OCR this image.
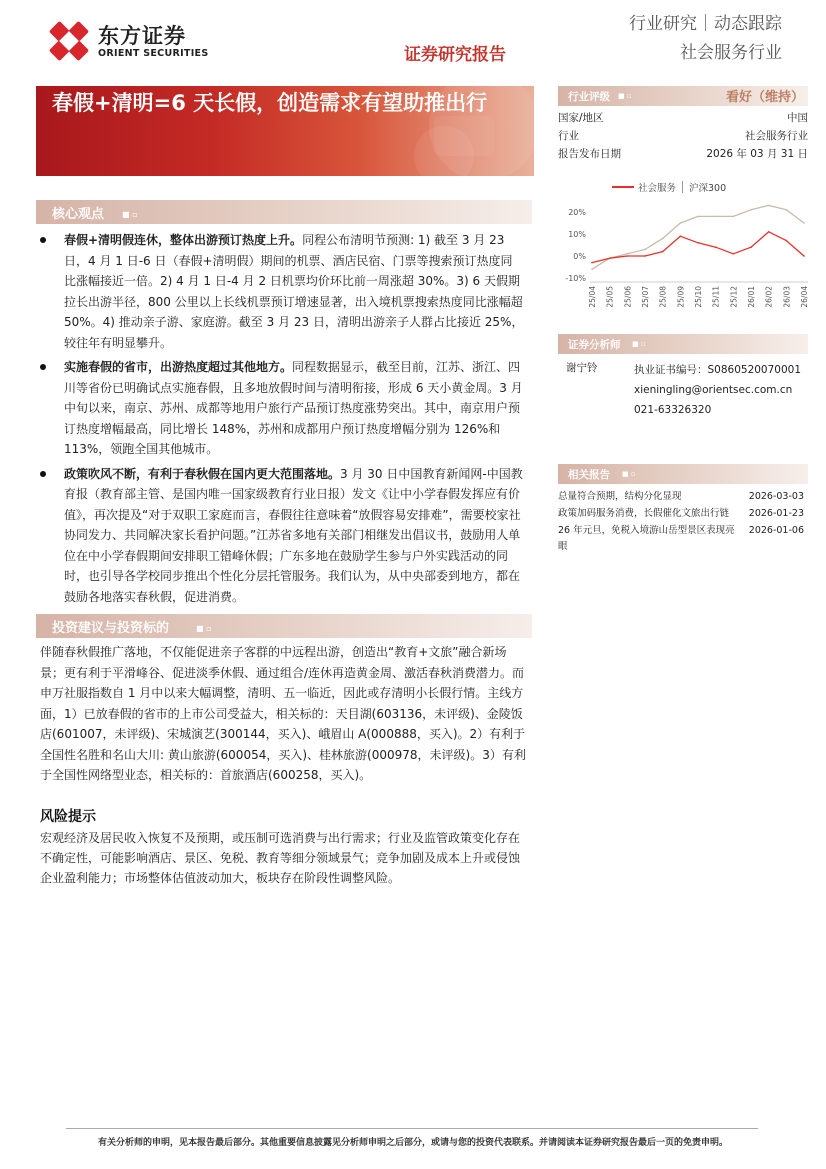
东方证券
ORIENT SECURITIES	证券研究报告
行业研究｜动态跟踪
社会服务行业
春假+清明=6 天长假，创造需求有望助推出行
核心观点 ■ ▫
春假+清明假连休，整体出游预订热度上升。同程公布清明节预测: 1) 截至 3 月 23 日，4 月 1 日-6 日（春假+清明假）期间的机票、酒店民宿、门票等搜索预订热度同比涨幅接近一倍。2) 4 月 1 日-4 月 2 日机票均价环比前一周涨超 30%。3) 6 天假期拉长出游半径，800 公里以上长线机票预订增速显著，出入境机票搜索热度同比涨幅超 50%。4) 推动亲子游、家庭游。截至 3 月 23 日，清明出游亲子人群占比接近 25%，较往年有明显攀升。
实施春假的省市，出游热度超过其他地方。同程数据显示，截至目前，江苏、浙江、四川等省份已明确试点实施春假，且多地放假时间与清明衔接，形成 6 天小黄金周。3 月中旬以来，南京、苏州、成都等地用户旅行产品预订热度涨势突出。其中，南京用户预订热度增幅最高，同比增长 148%，苏州和成都用户预订热度增幅分别为 126%和 113%，领跑全国其他城市。
政策吹风不断，有利于春秋假在国内更大范围落地。3 月 30 日中国教育新闻网-中国教育报（教育部主管、是国内唯一国家级教育行业日报）发文《让中小学春假发挥应有价值》，再次提及“对于双职工家庭而言，春假往往意味着“放假容易安排难”，需要校家社协同发力、共同解决家长看护问题。”江苏省多地有关部门相继发出倡议书，鼓励用人单位在中小学春假期间安排职工错峰休假；广东多地在鼓励学生参与户外实践活动的同时，也引导各学校同步推出个性化分层托管服务。我们认为，从中央部委到地方，都在鼓励各地落实春秋假，促进消费。
投资建议与投资标的	■ ▫
伴随春秋假推广落地，不仅能促进亲子客群的中远程出游，创造出“教育+文旅”融合新场景；更有利于平滑峰谷、促进淡季休假、通过组合/连休再造黄金周、激活春秋消费潜力。而申万社服指数自 1 月中以来大幅调整，清明、五一临近，因此或存清明小长假行情。主线方面，1）已放春假的省市的上市公司受益大，相关标的：天目湖(603136，未评级)、金陵饭店(601007，未评级)、宋城演艺(300144，买入)、峨眉山 A(000888，买入)。2）有利于全国性名胜和名山大川: 黄山旅游(600054，买入)、桂林旅游(000978，未评级)。3）有利于全国性网络型业态，相关标的：首旅酒店(600258，买入)。
风险提示
宏观经济及居民收入恢复不及预期，或压制可选消费与出行需求；行业及监管政策变化存在不确定性，可能影响酒店、景区、免税、教育等细分领域景气；竞争加剧及成本上升或侵蚀企业盈利能力；市场整体估值波动加大，板块存在阶段性调整风险。
行业评级 ■ ▫	看好（维持）
国家/地区	中国
行业	社会服务行业
报告发布日期	2026 年 03 月 31 日
社会服务 沪深300
20%
10%
0%
-10%
25/04 25/05 25/06 25/07 25/08 25/09 25/10 25/11 25/12 26/01 26/02 26/03 26/04
证券分析师 ■ ▫
谢宁铃	执业证书编号：S0860520070001
xieningling@orientsec.com.cn
021-63326320
相关报告 ■ ▫
总量符合预期，结构分化显现	2026-03-03
政策加码服务消费，长假催化文旅出行链	2026-01-23
26 年元旦，免税入境游山岳型景区表现亮眼
2026-01-06
有关分析师的申明，见本报告最后部分。其他重要信息披露见分析师申明之后部分，或请与您的投资代表联系。并请阅读本证券研究报告最后一页的免责申明。
